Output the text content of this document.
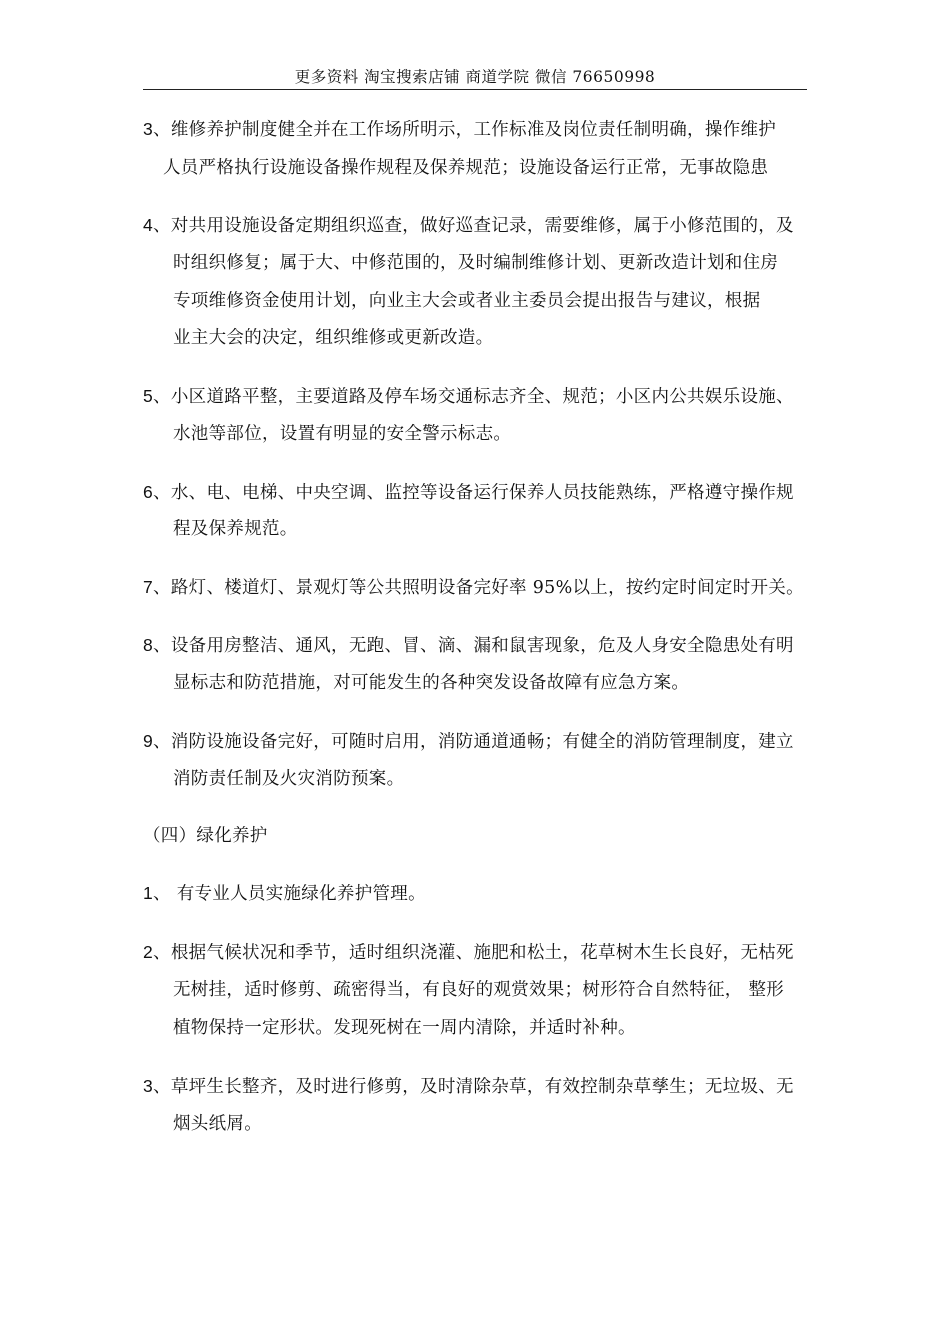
更多资料 淘宝搜索店铺 商道学院 微信 76650998
3、维修养护制度健全并在工作场所明示，工作标准及岗位责任制明确，操作维护
人员严格执行设施设备操作规程及保养规范；设施设备运行正常，无事故隐患
4、对共用设施设备定期组织巡查，做好巡查记录，需要维修，属于小修范围的，及
时组织修复；属于大、中修范围的，及时编制维修计划、更新改造计划和住房
专项维修资金使用计划，向业主大会或者业主委员会提出报告与建议，根据
业主大会的决定，组织维修或更新改造。
5、小区道路平整，主要道路及停车场交通标志齐全、规范；小区内公共娱乐设施、
水池等部位，设置有明显的安全警示标志。
6、水、电、电梯、中央空调、监控等设备运行保养人员技能熟练，严格遵守操作规
程及保养规范。
7、路灯、楼道灯、景观灯等公共照明设备完好率 95%以上，按约定时间定时开关。
8、设备用房整洁、通风，无跑、冒、滴、漏和鼠害现象，危及人身安全隐患处有明
显标志和防范措施，对可能发生的各种突发设备故障有应急方案。
9、消防设施设备完好，可随时启用，消防通道通畅；有健全的消防管理制度，建立
消防责任制及火灾消防预案。
（四）绿化养护
1、 有专业人员实施绿化养护管理。
2、根据气候状况和季节，适时组织浇灌、施肥和松土，花草树木生长良好，无枯死
无树挂，适时修剪、疏密得当，有良好的观赏效果；树形符合自然特征， 整形
植物保持一定形状。发现死树在一周内清除，并适时补种。
3、草坪生长整齐，及时进行修剪，及时清除杂草，有效控制杂草孳生；无垃圾、无
烟头纸屑。
